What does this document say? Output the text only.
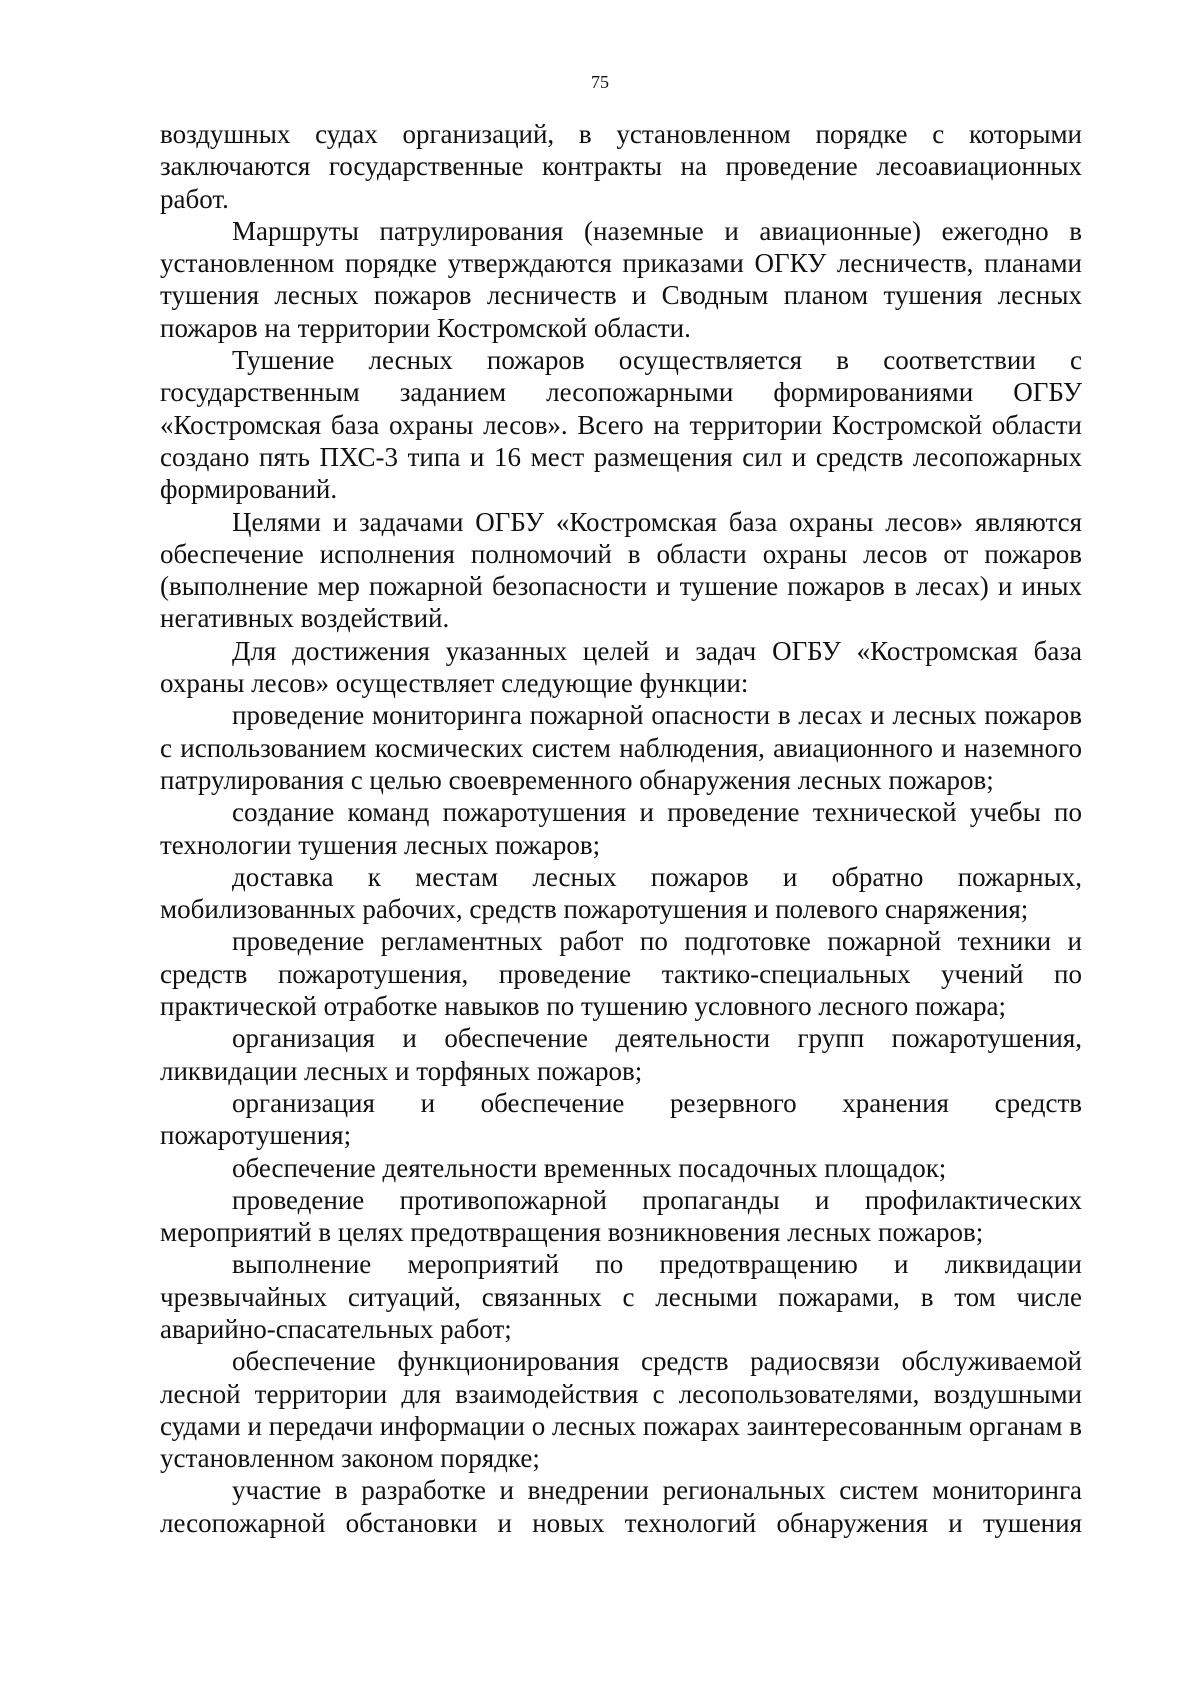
75

воздушных судах организаций, в установленном порядке с которыми заключаются государственные контракты на проведение лесоавиационных работ.

Маршруты патрулирования (наземные и авиационные) ежегодно в установленном порядке утверждаются приказами ОГКУ лесничеств, планами тушения лесных пожаров лесничеств и Сводным планом тушения лесных пожаров на территории Костромской области.

Тушение лесных пожаров осуществляется в соответствии с государственным заданием лесопожарными формированиями ОГБУ «Костромская база охраны лесов». Всего на территории Костромской области создано пять ПХС-3 типа и 16 мест размещения сил и средств лесопожарных формирований.

Целями и задачами ОГБУ «Костромская база охраны лесов» являются обеспечение исполнения полномочий в области охраны лесов от пожаров (выполнение мер пожарной безопасности и тушение пожаров в лесах) и иных негативных воздействий.

Для достижения указанных целей и задач ОГБУ «Костромская база охраны лесов» осуществляет следующие функции:

проведение мониторинга пожарной опасности в лесах и лесных пожаров с использованием космических систем наблюдения, авиационного и наземного патрулирования с целью своевременного обнаружения лесных пожаров;

создание команд пожаротушения и проведение технической учебы по технологии тушения лесных пожаров;

доставка к местам лесных пожаров и обратно пожарных, мобилизованных рабочих, средств пожаротушения и полевого снаряжения;

проведение регламентных работ по подготовке пожарной техники и средств пожаротушения, проведение тактико-специальных учений по практической отработке навыков по тушению условного лесного пожара;

организация и обеспечение деятельности групп пожаротушения, ликвидации лесных и торфяных пожаров;

организация и обеспечение резервного хранения средств пожаротушения;

обеспечение деятельности временных посадочных площадок;

проведение противопожарной пропаганды и профилактических мероприятий в целях предотвращения возникновения лесных пожаров;

выполнение мероприятий по предотвращению и ликвидации чрезвычайных ситуаций, связанных с лесными пожарами, в том числе аварийно-спасательных работ;

обеспечение функционирования средств радиосвязи обслуживаемой лесной территории для взаимодействия с лесопользователями, воздушными судами и передачи информации о лесных пожарах заинтересованным органам в установленном законом порядке;

участие в разработке и внедрении региональных систем мониторинга лесопожарной обстановки и новых технологий обнаружения и тушения
